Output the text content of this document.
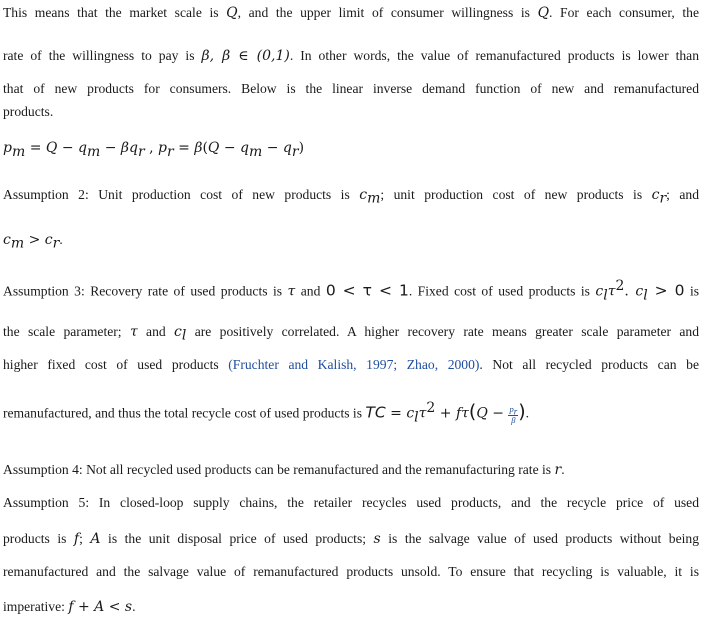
This means that the market scale is Q, and the upper limit of consumer willingness is Q. For each consumer, the
rate of the willingness to pay is β, β ∈ (0,1). In other words, the value of remanufactured products is lower than
that of new products for consumers. Below is the linear inverse demand function of new and remanufactured
products.
$p_m = Q - q_m - \beta q_r$ , $p_r = \beta(Q - q_m - q_r)$
Assumption 2: Unit production cost of new products is $c_m$; unit production cost of new products is $c_r$; and
$c_m > c_r$.
Assumption 3: Recovery rate of used products is τ and 0 < τ < 1. Fixed cost of used products is $c_l\tau^2$. $c_l > 0$ is
the scale parameter; τ and $c_l$ are positively correlated. A higher recovery rate means greater scale parameter and
higher fixed cost of used products (Fruchter and Kalish, 1997; Zhao, 2000). Not all recycled products can be
remanufactured, and thus the total recycle cost of used products is TC = $c_l\tau^2 + f\tau(Q - \frac{p_r}{\beta}$ ).
Assumption 4: Not all recycled used products can be remanufactured and the remanufacturing rate is r.
Assumption 5: In closed-loop supply chains, the retailer recycles used products, and the recycle price of used
products is f; A is the unit disposal price of used products; s is the salvage value of used products without being
remanufactured and the salvage value of remanufactured products unsold. To ensure that recycling is valuable, it is
imperative: f + A < s.
